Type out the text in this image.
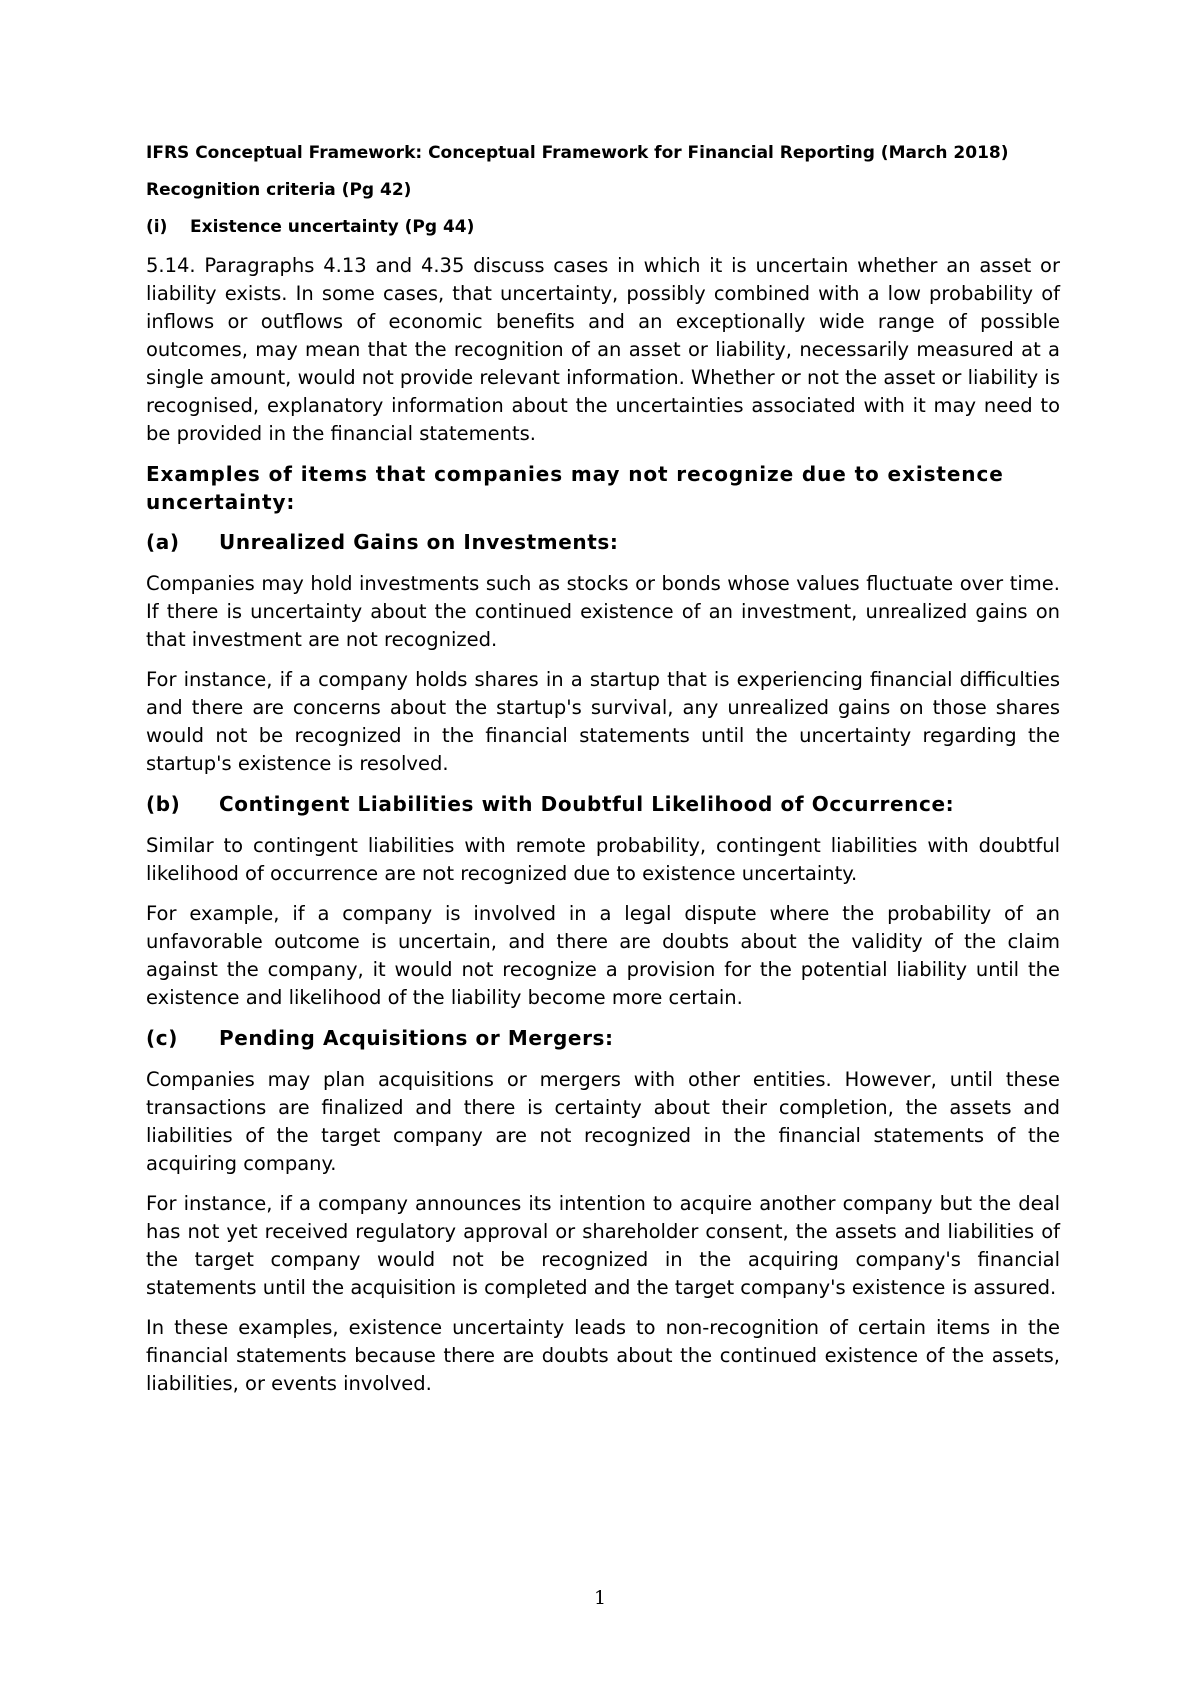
IFRS Conceptual Framework: Conceptual Framework for Financial Reporting (March 2018)

Recognition criteria (Pg 42)

(i) Existence uncertainty (Pg 44)

5.14. Paragraphs 4.13 and 4.35 discuss cases in which it is uncertain whether an asset or liability exists. In some cases, that uncertainty, possibly combined with a low probability of inflows or outflows of economic benefits and an exceptionally wide range of possible outcomes, may mean that the recognition of an asset or liability, necessarily measured at a single amount, would not provide relevant information. Whether or not the asset or liability is recognised, explanatory information about the uncertainties associated with it may need to be provided in the financial statements.

Examples of items that companies may not recognize due to existence uncertainty:

(a) Unrealized Gains on Investments:

Companies may hold investments such as stocks or bonds whose values fluctuate over time. If there is uncertainty about the continued existence of an investment, unrealized gains on that investment are not recognized.

For instance, if a company holds shares in a startup that is experiencing financial difficulties and there are concerns about the startup's survival, any unrealized gains on those shares would not be recognized in the financial statements until the uncertainty regarding the startup's existence is resolved.

(b) Contingent Liabilities with Doubtful Likelihood of Occurrence:

Similar to contingent liabilities with remote probability, contingent liabilities with doubtful likelihood of occurrence are not recognized due to existence uncertainty.

For example, if a company is involved in a legal dispute where the probability of an unfavorable outcome is uncertain, and there are doubts about the validity of the claim against the company, it would not recognize a provision for the potential liability until the existence and likelihood of the liability become more certain.

(c) Pending Acquisitions or Mergers:

Companies may plan acquisitions or mergers with other entities. However, until these transactions are finalized and there is certainty about their completion, the assets and liabilities of the target company are not recognized in the financial statements of the acquiring company.

For instance, if a company announces its intention to acquire another company but the deal has not yet received regulatory approval or shareholder consent, the assets and liabilities of the target company would not be recognized in the acquiring company's financial statements until the acquisition is completed and the target company's existence is assured.

In these examples, existence uncertainty leads to non-recognition of certain items in the financial statements because there are doubts about the continued existence of the assets, liabilities, or events involved.

1
